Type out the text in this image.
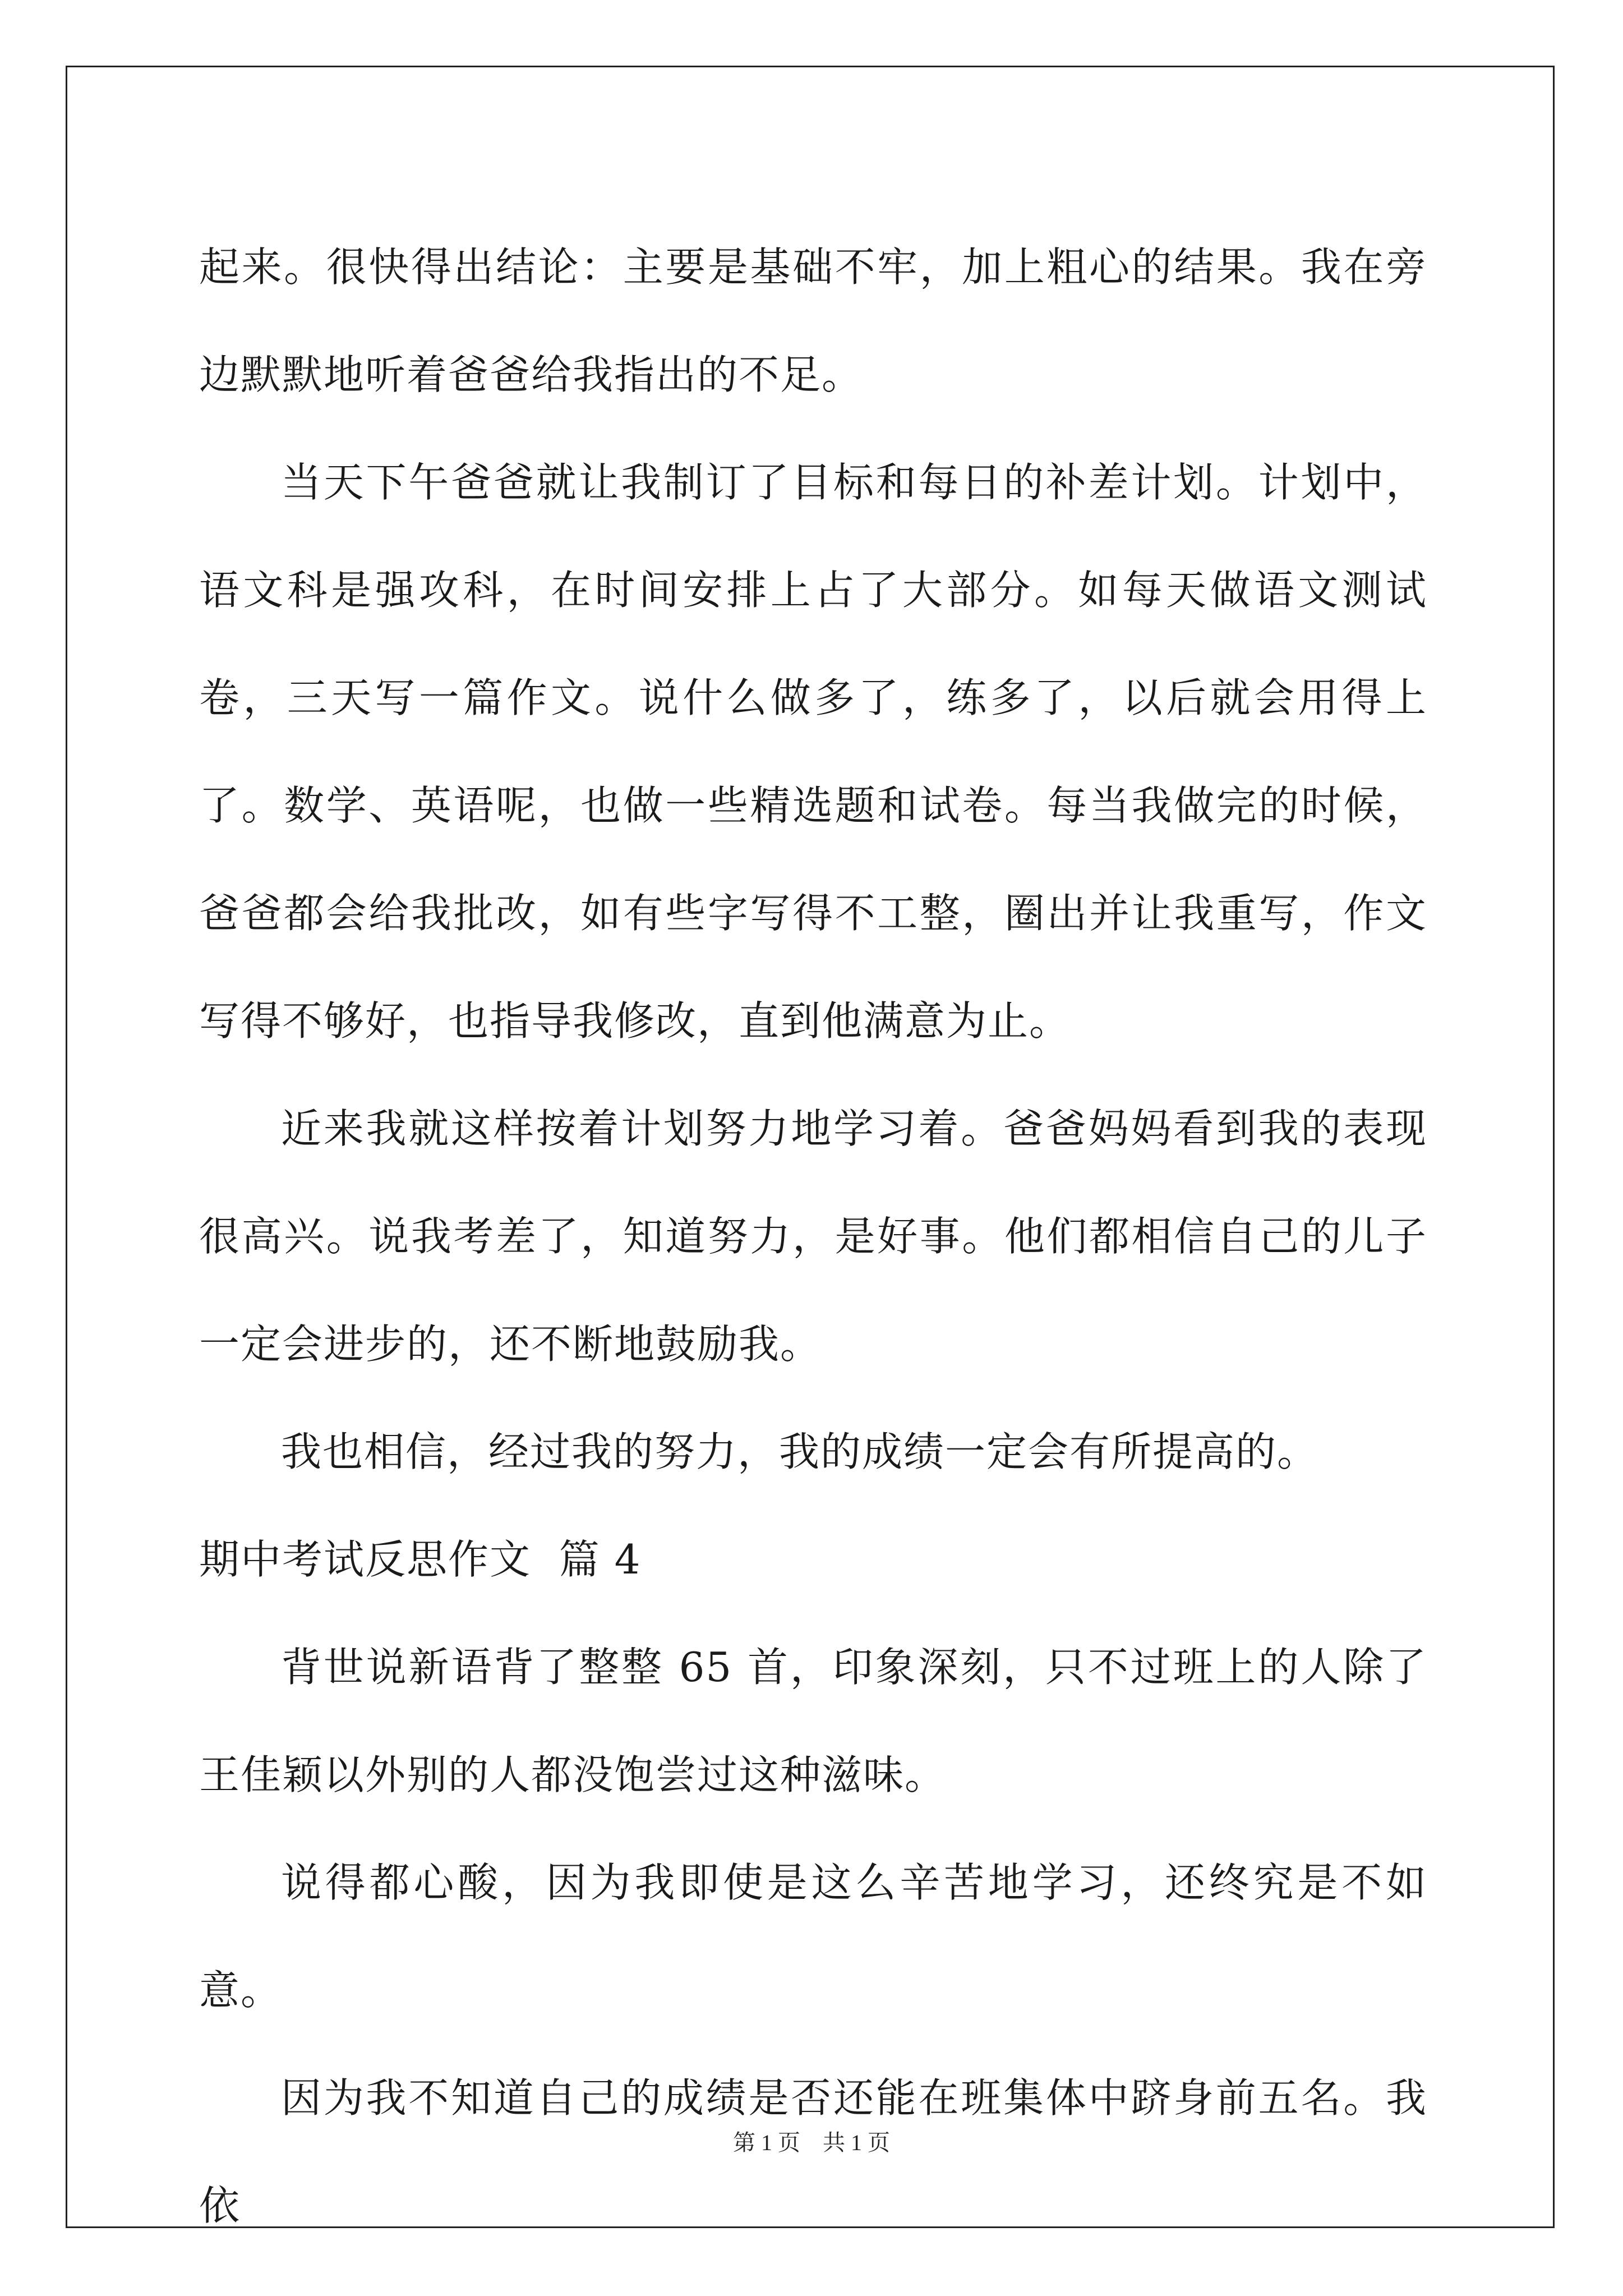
起来。很快得出结论：主要是基础不牢，加上粗心的结果。我在旁边默默地听着爸爸给我指出的不足。

当天下午爸爸就让我制订了目标和每日的补差计划。计划中，语文科是强攻科，在时间安排上占了大部分。如每天做语文测试卷，三天写一篇作文。说什么做多了，练多了，以后就会用得上了。数学、英语呢，也做一些精选题和试卷。每当我做完的时候，爸爸都会给我批改，如有些字写得不工整，圈出并让我重写，作文写得不够好，也指导我修改，直到他满意为止。

近来我就这样按着计划努力地学习着。爸爸妈妈看到我的表现很高兴。说我考差了，知道努力，是好事。他们都相信自己的儿子一定会进步的，还不断地鼓励我。

我也相信，经过我的努力，我的成绩一定会有所提高的。

期中考试反思作文  篇 4

背世说新语背了整整 65 首，印象深刻，只不过班上的人除了王佳颖以外别的人都没饱尝过这种滋味。

说得都心酸，因为我即使是这么辛苦地学习，还终究是不如意。

因为我不知道自己的成绩是否还能在班集体中跻身前五名。我依

第 1 页 共 1 页
